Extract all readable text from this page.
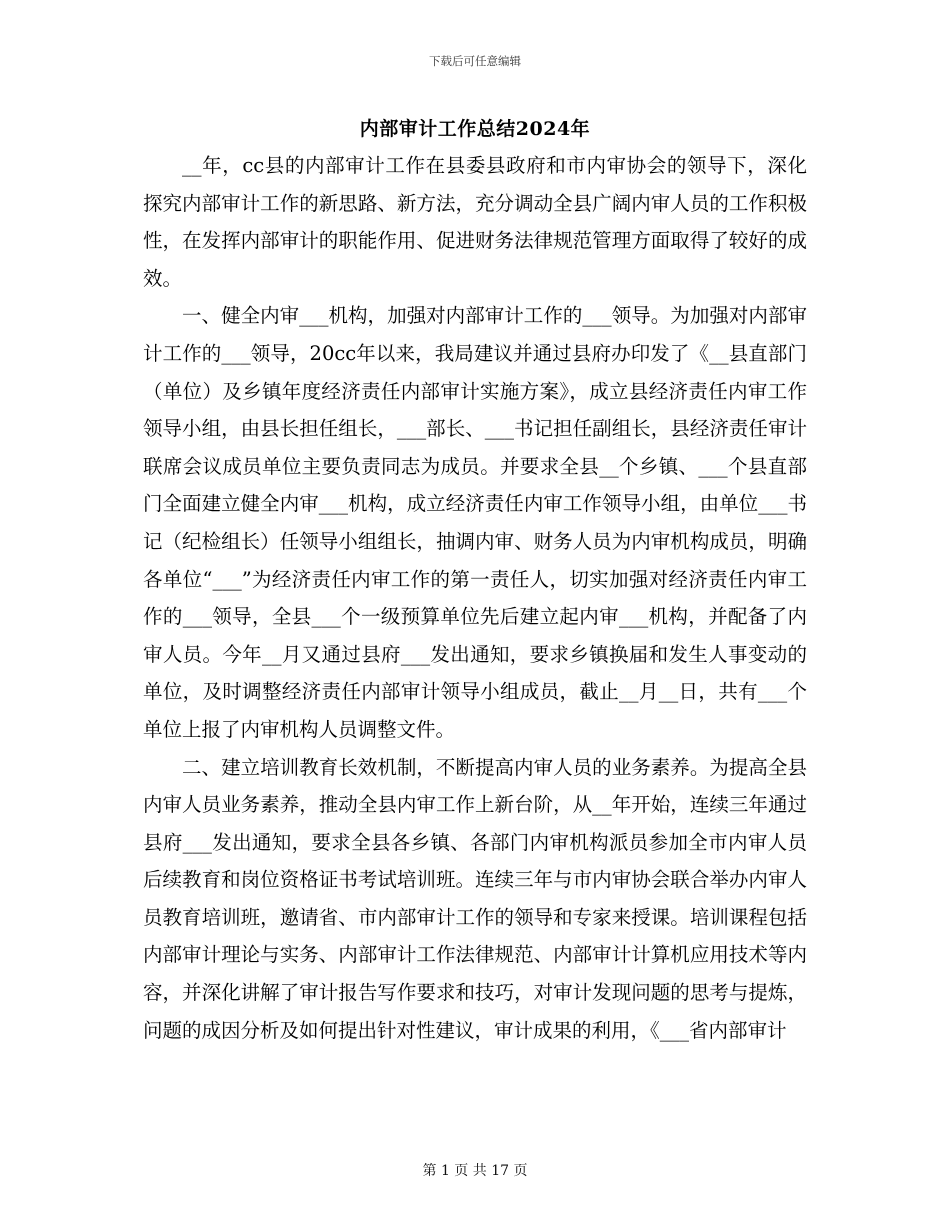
下载后可任意编辑
内部审计工作总结2024年

__年，cc县的内部审计工作在县委县政府和市内审协会的领导下，深化探究内部审计工作的新思路、新方法，充分调动全县广阔内审人员的工作积极性，在发挥内部审计的职能作用、促进财务法律规范管理方面取得了较好的成效。

一、健全内审___机构，加强对内部审计工作的___领导。为加强对内部审计工作的___领导，20cc年以来，我局建议并通过县府办印发了《__县直部门（单位）及乡镇年度经济责任内部审计实施方案》，成立县经济责任内审工作领导小组，由县长担任组长，___部长、___书记担任副组长，县经济责任审计联席会议成员单位主要负责同志为成员。并要求全县__个乡镇、___个县直部门全面建立健全内审___机构，成立经济责任内审工作领导小组，由单位___书记（纪检组长）任领导小组组长，抽调内审、财务人员为内审机构成员，明确各单位“___”为经济责任内审工作的第一责任人，切实加强对经济责任内审工作的___领导，全县___个一级预算单位先后建立起内审___机构，并配备了内审人员。今年__月又通过县府___发出通知，要求乡镇换届和发生人事变动的单位，及时调整经济责任内部审计领导小组成员，截止__月__日，共有___个单位上报了内审机构人员调整文件。

二、建立培训教育长效机制，不断提高内审人员的业务素养。为提高全县内审人员业务素养，推动全县内审工作上新台阶，从__年开始，连续三年通过县府___发出通知，要求全县各乡镇、各部门内审机构派员参加全市内审人员后续教育和岗位资格证书考试培训班。连续三年与市内审协会联合举办内审人员教育培训班，邀请省、市内部审计工作的领导和专家来授课。培训课程包括内部审计理论与实务、内部审计工作法律规范、内部审计计算机应用技术等内容，并深化讲解了审计报告写作要求和技巧，对审计发现问题的思考与提炼，问题的成因分析及如何提出针对性建议，审计成果的利用，《___省内部审计

第 1 页 共 17 页
